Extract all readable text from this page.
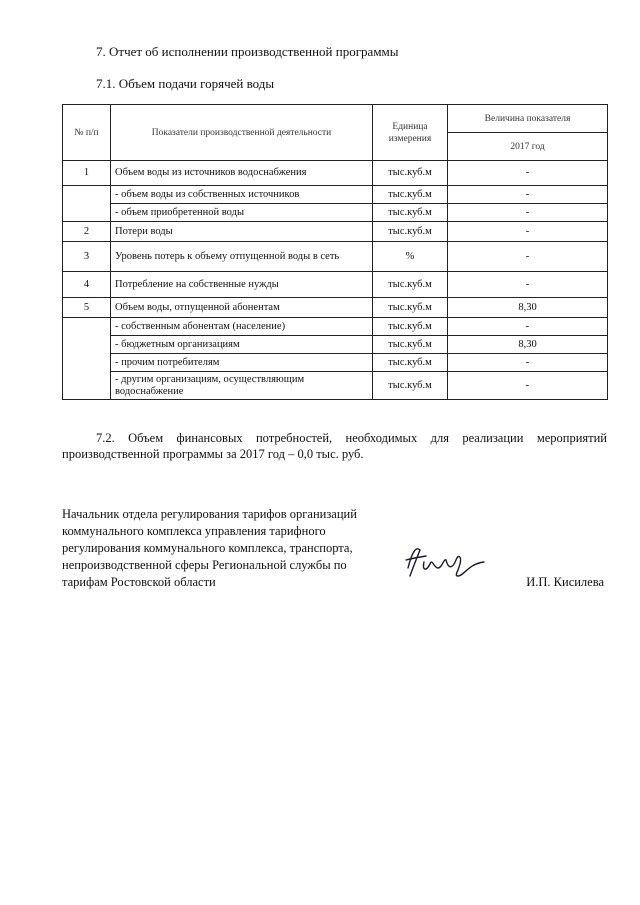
7. Отчет об исполнении производственной программы
7.1. Объем подачи горячей воды
№ п/п	Показатели производственной деятельности	Единица измерения	Величина показателя
			2017 год
1	Объем воды из источников водоснабжения	тыс.куб.м	-
	- объем воды из собственных источников	тыс.куб.м	-
	- объем приобретенной воды	тыс.куб.м	-
2	Потери воды	тыс.куб.м	-
3	Уровень потерь к объему отпущенной воды в сеть	%	-
4	Потребление на собственные нужды	тыс.куб.м	-
5	Объем воды, отпущенной абонентам	тыс.куб.м	8,30
	- собственным абонентам (население)	тыс.куб.м	-
	- бюджетным организациям	тыс.куб.м	8,30
	- прочим потребителям	тыс.куб.м	-
	- другим организациям, осуществляющим водоснабжение	тыс.куб.м	-
7.2. Объем финансовых потребностей, необходимых для реализации мероприятий производственной программы за 2017 год – 0,0 тыс. руб.
Начальник отдела регулирования тарифов организаций
коммунального комплекса управления тарифного
регулирования коммунального комплекса, транспорта,
непроизводственной сферы Региональной службы по
тарифам Ростовской области	И.П. Кисилева
